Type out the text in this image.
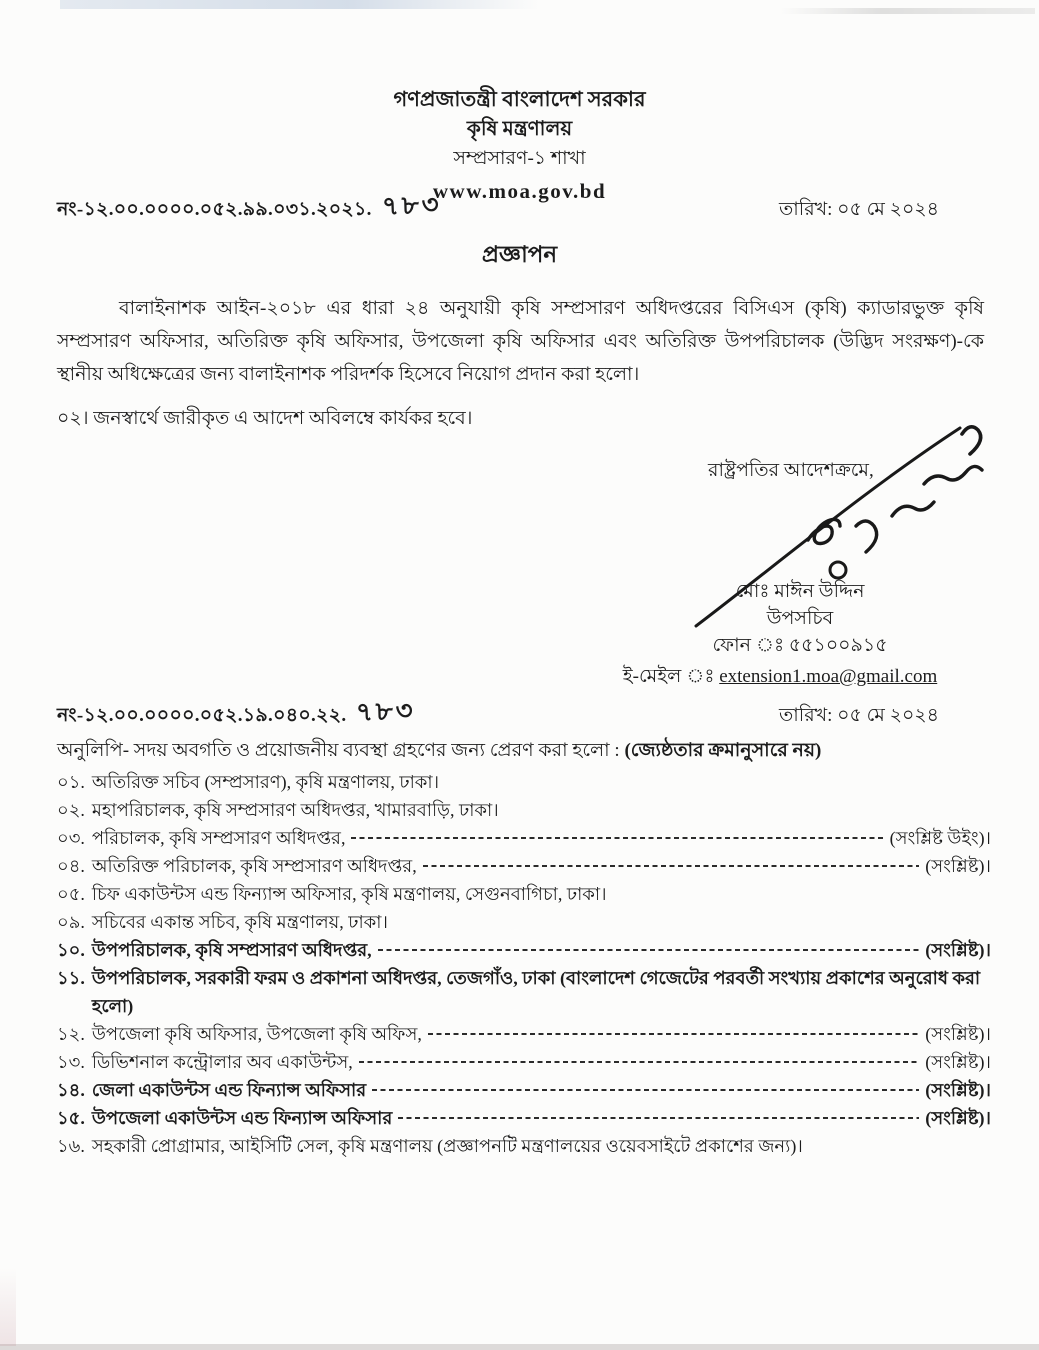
গণপ্রজাতন্ত্রী বাংলাদেশ সরকার
কৃষি মন্ত্রণালয়
সম্প্রসারণ-১ শাখা
www.moa.gov.bd
নং-১২.০০.০০০০.০৫২.৯৯.০৩১.২০২১. ৭৮৩	তারিখ: ০৫ মে ২০২৪
প্রজ্ঞাপন

বালাইনাশক আইন-২০১৮ এর ধারা ২৪ অনুযায়ী কৃষি সম্প্রসারণ অধিদপ্তরের বিসিএস (কৃষি) ক্যাডারভুক্ত কৃষি সম্প্রসারণ অফিসার, অতিরিক্ত কৃষি অফিসার, উপজেলা কৃষি অফিসার এবং অতিরিক্ত উপপরিচালক (উদ্ভিদ সংরক্ষণ)-কে স্থানীয় অধিক্ষেত্রের জন্য বালাইনাশক পরিদর্শক হিসেবে নিয়োগ প্রদান করা হলো।

০২। জনস্বার্থে জারীকৃত এ আদেশ অবিলম্বে কার্যকর হবে।

রাষ্ট্রপতির আদেশক্রমে,
মোঃ মাঈন উদ্দিন
উপসচিব
ফোন ঃ ৫৫১০০৯১৫
ই-মেইল ঃ extension1.moa@gmail.com
নং-১২.০০.০০০০.০৫২.১৯.০৪০.২২. ৭৮৩	তারিখ: ০৫ মে ২০২৪
অনুলিপি- সদয় অবগতি ও প্রয়োজনীয় ব্যবস্থা গ্রহণের জন্য প্রেরণ করা হলো : (জ্যেষ্ঠতার ক্রমানুসারে নয়)
০১. অতিরিক্ত সচিব (সম্প্রসারণ), কৃষি মন্ত্রণালয়, ঢাকা।
০২. মহাপরিচালক, কৃষি সম্প্রসারণ অধিদপ্তর, খামারবাড়ি, ঢাকা।
০৩. পরিচালক, কৃষি সম্প্রসারণ অধিদপ্তর,	(সংশ্লিষ্ট উইং)।
০৪. অতিরিক্ত পরিচালক, কৃষি সম্প্রসারণ অধিদপ্তর,	(সংশ্লিষ্ট)।
০৫. চিফ একাউন্টস এন্ড ফিন্যান্স অফিসার, কৃষি মন্ত্রণালয়, সেগুনবাগিচা, ঢাকা।
০৯. সচিবের একান্ত সচিব, কৃষি মন্ত্রণালয়, ঢাকা।
১০. উপপরিচালক, কৃষি সম্প্রসারণ অধিদপ্তর,	(সংশ্লিষ্ট)।
১১. উপপরিচালক, সরকারী ফরম ও প্রকাশনা অধিদপ্তর, তেজগাঁও, ঢাকা (বাংলাদেশ গেজেটের পরবর্তী সংখ্যায় প্রকাশের অনুরোধ করা হলো)
১২. উপজেলা কৃষি অফিসার, উপজেলা কৃষি অফিস,	(সংশ্লিষ্ট)।
১৩. ডিভিশনাল কন্ট্রোলার অব একাউন্টস,	(সংশ্লিষ্ট)।
১৪. জেলা একাউন্টস এন্ড ফিন্যান্স অফিসার	(সংশ্লিষ্ট)।
১৫. উপজেলা একাউন্টস এন্ড ফিন্যান্স অফিসার	(সংশ্লিষ্ট)।
১৬. সহকারী প্রোগ্রামার, আইসিটি সেল, কৃষি মন্ত্রণালয় (প্রজ্ঞাপনটি মন্ত্রণালয়ের ওয়েবসাইটে প্রকাশের জন্য)।
